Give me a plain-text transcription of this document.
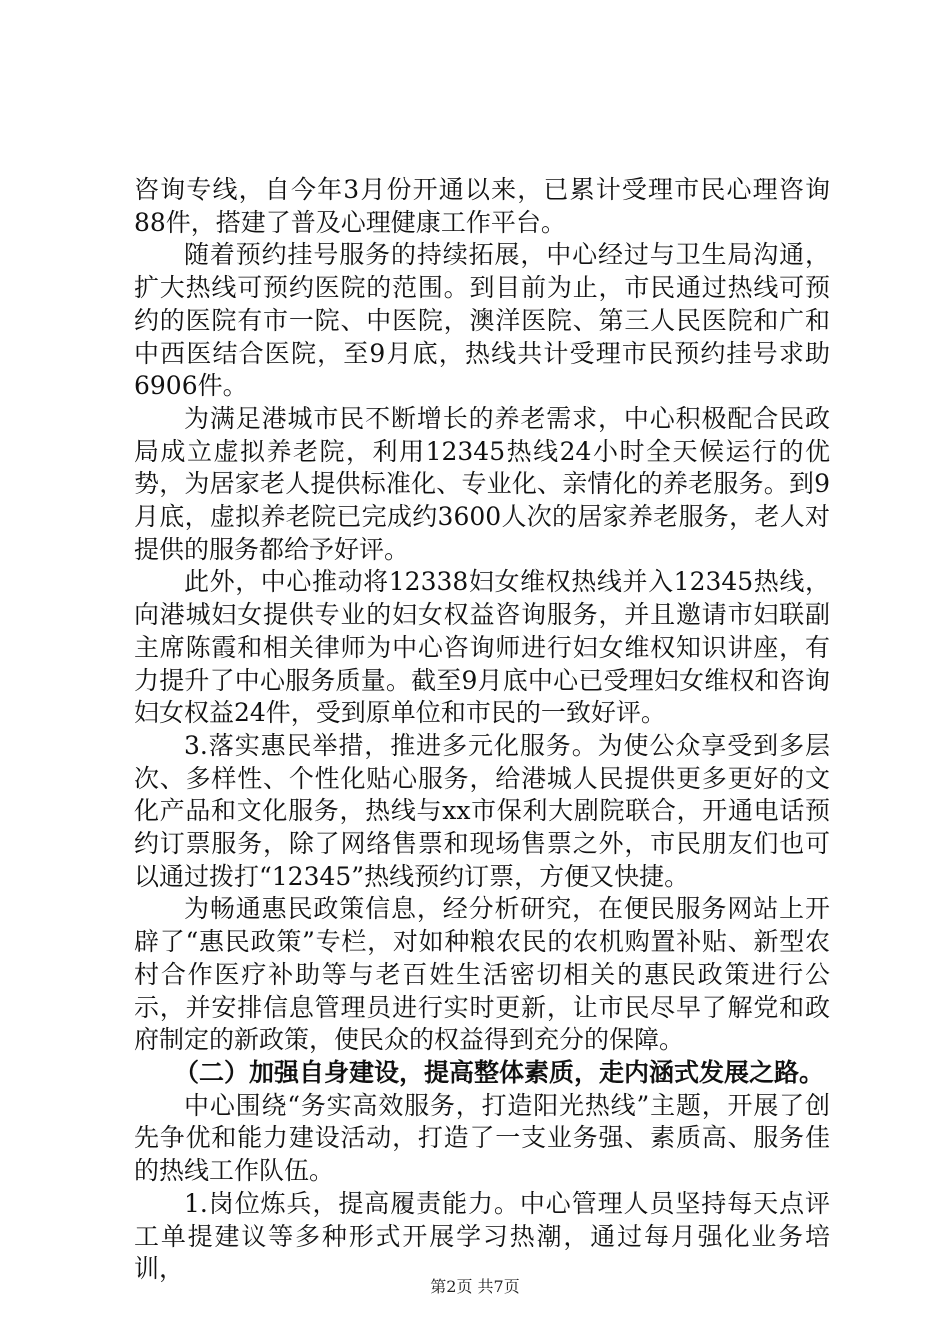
咨询专线，自今年3月份开通以来，已累计受理市民心理咨询88件，搭建了普及心理健康工作平台。

随着预约挂号服务的持续拓展，中心经过与卫生局沟通，扩大热线可预约医院的范围。到目前为止，市民通过热线可预约的医院有市一院、中医院，澳洋医院、第三人民医院和广和中西医结合医院，至9月底，热线共计受理市民预约挂号求助6906件。

为满足港城市民不断增长的养老需求，中心积极配合民政局成立虚拟养老院，利用12345热线24小时全天候运行的优势，为居家老人提供标准化、专业化、亲情化的养老服务。到9月底，虚拟养老院已完成约3600人次的居家养老服务，老人对提供的服务都给予好评。

此外，中心推动将12338妇女维权热线并入12345热线，向港城妇女提供专业的妇女权益咨询服务，并且邀请市妇联副主席陈霞和相关律师为中心咨询师进行妇女维权知识讲座，有力提升了中心服务质量。截至9月底中心已受理妇女维权和咨询妇女权益24件，受到原单位和市民的一致好评。

3.落实惠民举措，推进多元化服务。为使公众享受到多层次、多样性、个性化贴心服务，给港城人民提供更多更好的文化产品和文化服务，热线与xx市保利大剧院联合，开通电话预约订票服务，除了网络售票和现场售票之外，市民朋友们也可以通过拨打“12345”热线预约订票，方便又快捷。

为畅通惠民政策信息，经分析研究，在便民服务网站上开辟了“惠民政策”专栏，对如种粮农民的农机购置补贴、新型农村合作医疗补助等与老百姓生活密切相关的惠民政策进行公示，并安排信息管理员进行实时更新，让市民尽早了解党和政府制定的新政策，使民众的权益得到充分的保障。

（二）加强自身建设，提高整体素质，走内涵式发展之路。

中心围绕“务实高效服务，打造阳光热线”主题，开展了创先争优和能力建设活动，打造了一支业务强、素质高、服务佳的热线工作队伍。

1.岗位炼兵，提高履责能力。中心管理人员坚持每天点评工单提建议等多种形式开展学习热潮，通过每月强化业务培训，

第2页 共7页
